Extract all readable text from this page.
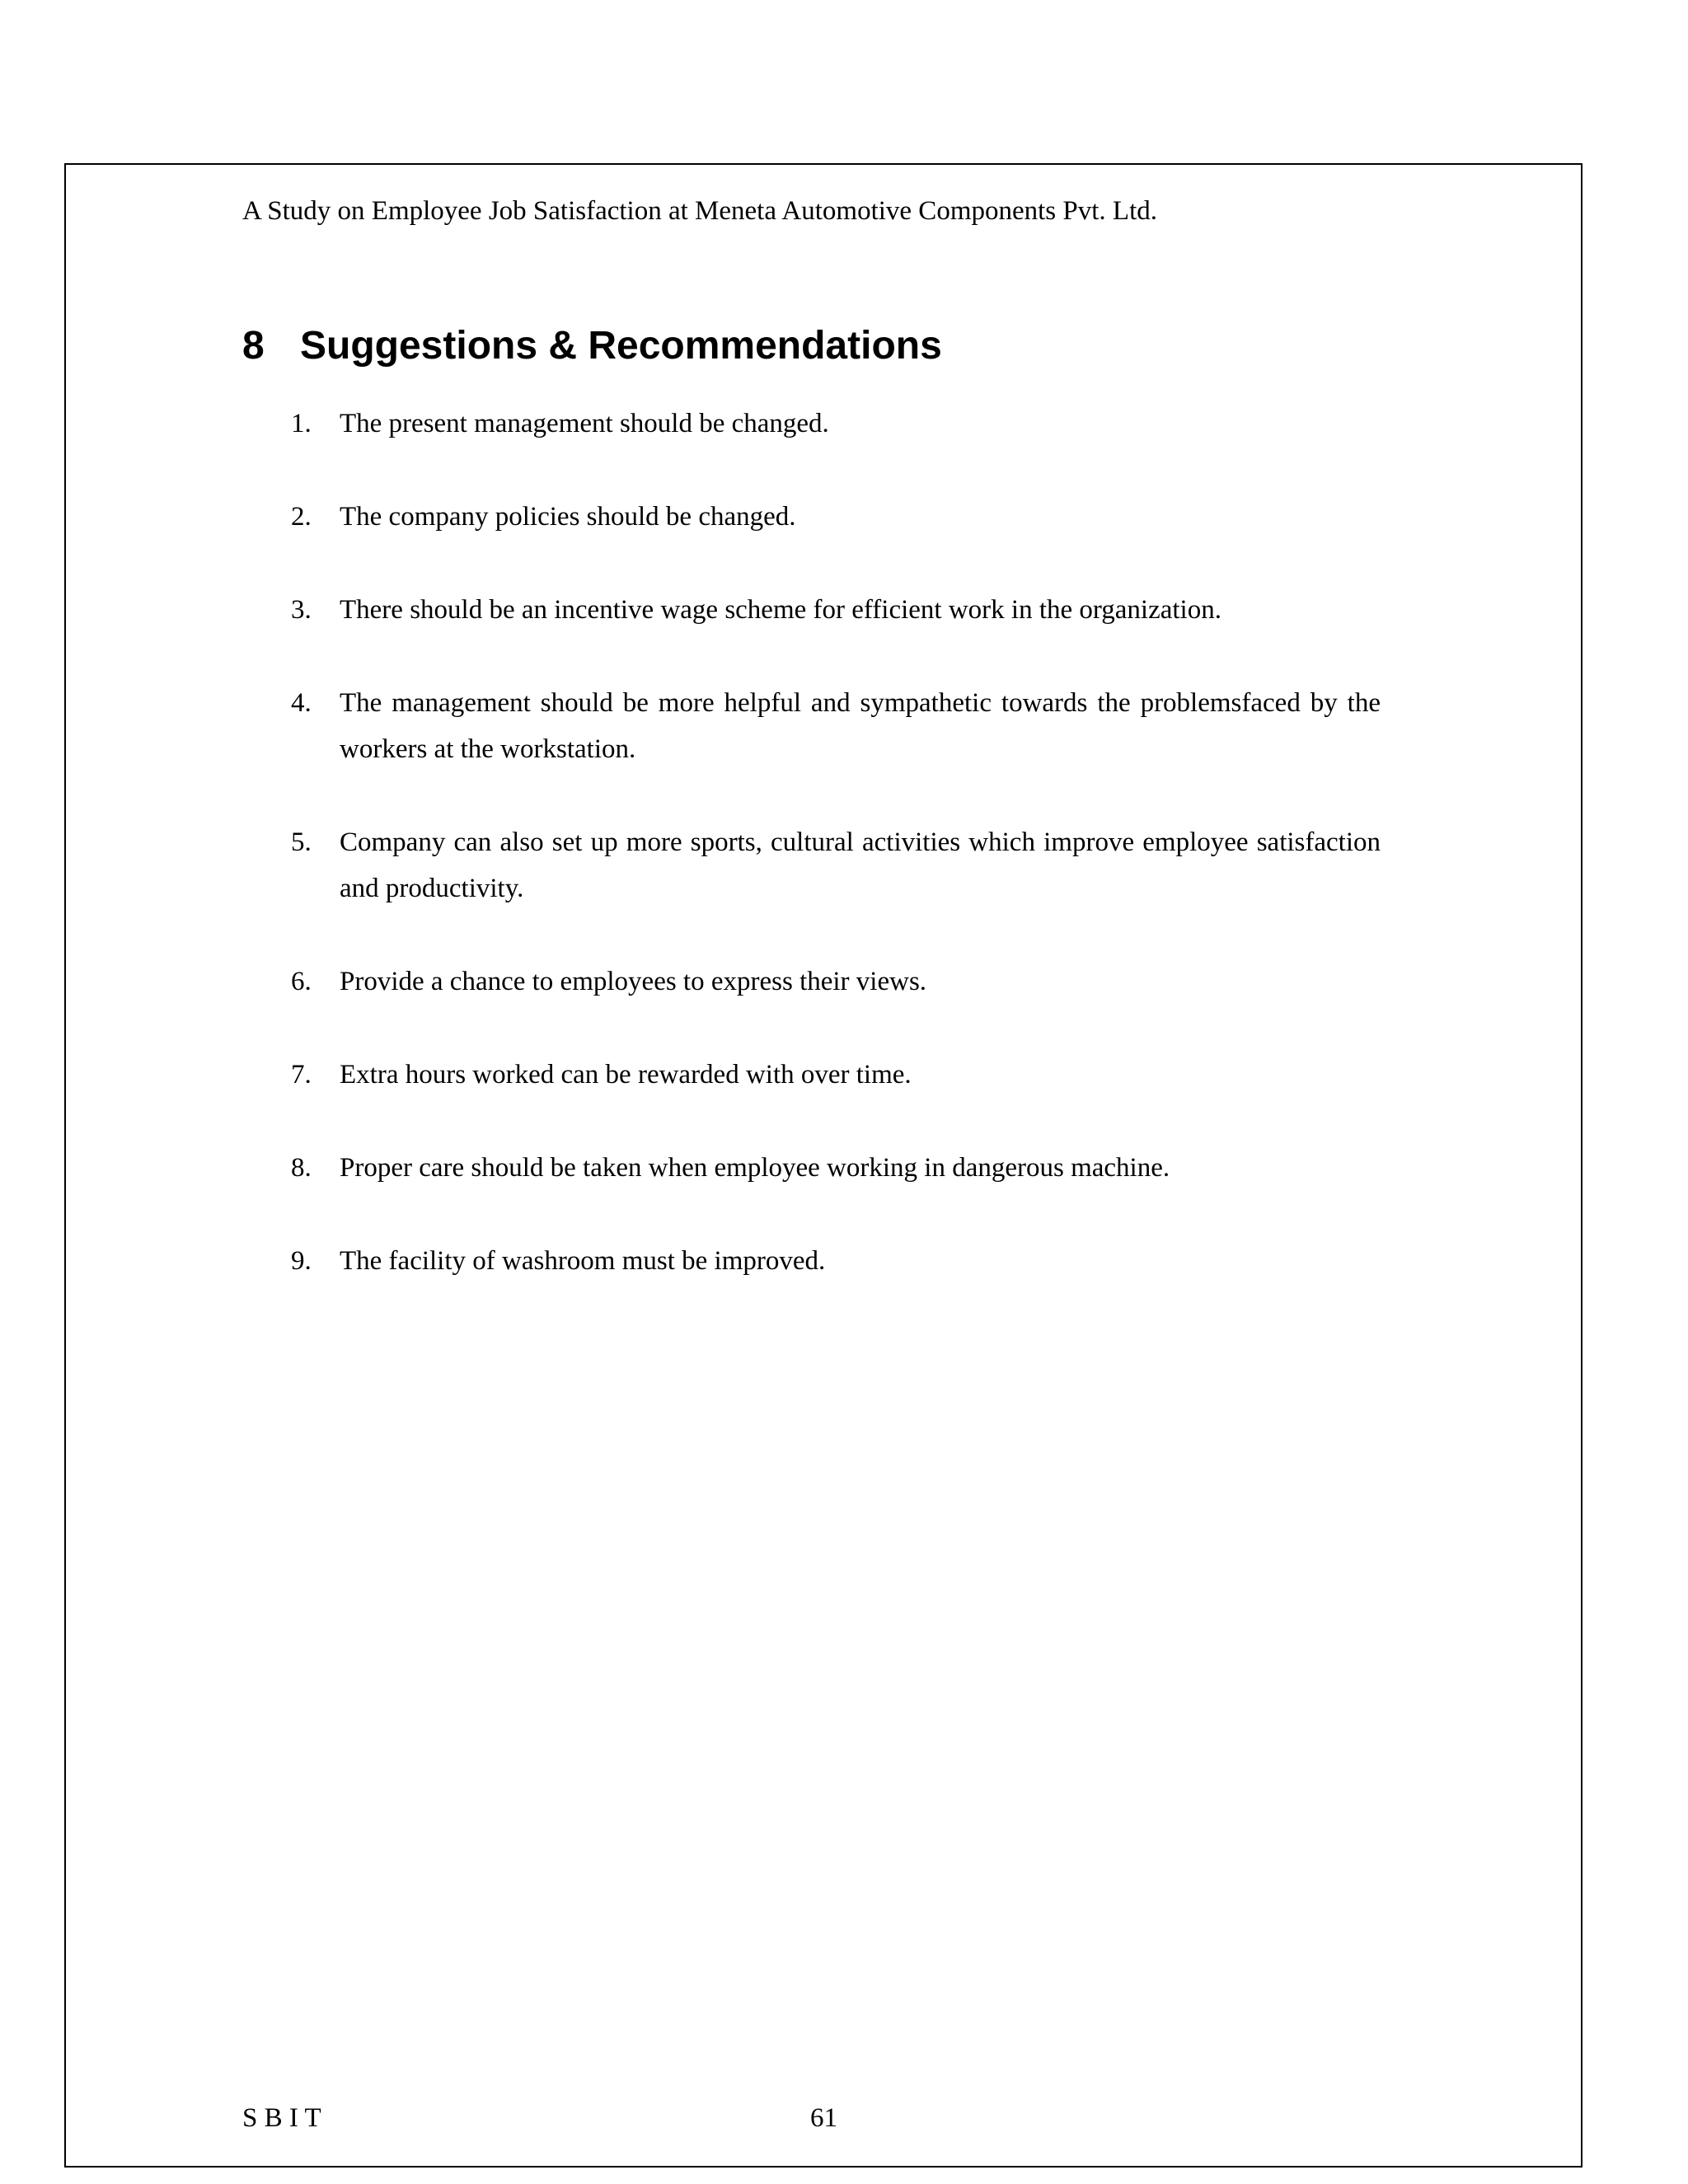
A Study on Employee Job Satisfaction at Meneta Automotive Components Pvt. Ltd.
8 Suggestions & Recommendations
1. The present management should be changed.
2. The company policies should be changed.
3. There should be an incentive wage scheme for efficient work in the organization.
4. The management should be more helpful and sympathetic towards the problemsfaced by the workers at the workstation.
5. Company can also set up more sports, cultural activities which improve employee satisfaction and productivity.
6. Provide a chance to employees to express their views.
7. Extra hours worked can be rewarded with over time.
8. Proper care should be taken when employee working in dangerous machine.
9. The facility of washroom must be improved.
S B I T	61
